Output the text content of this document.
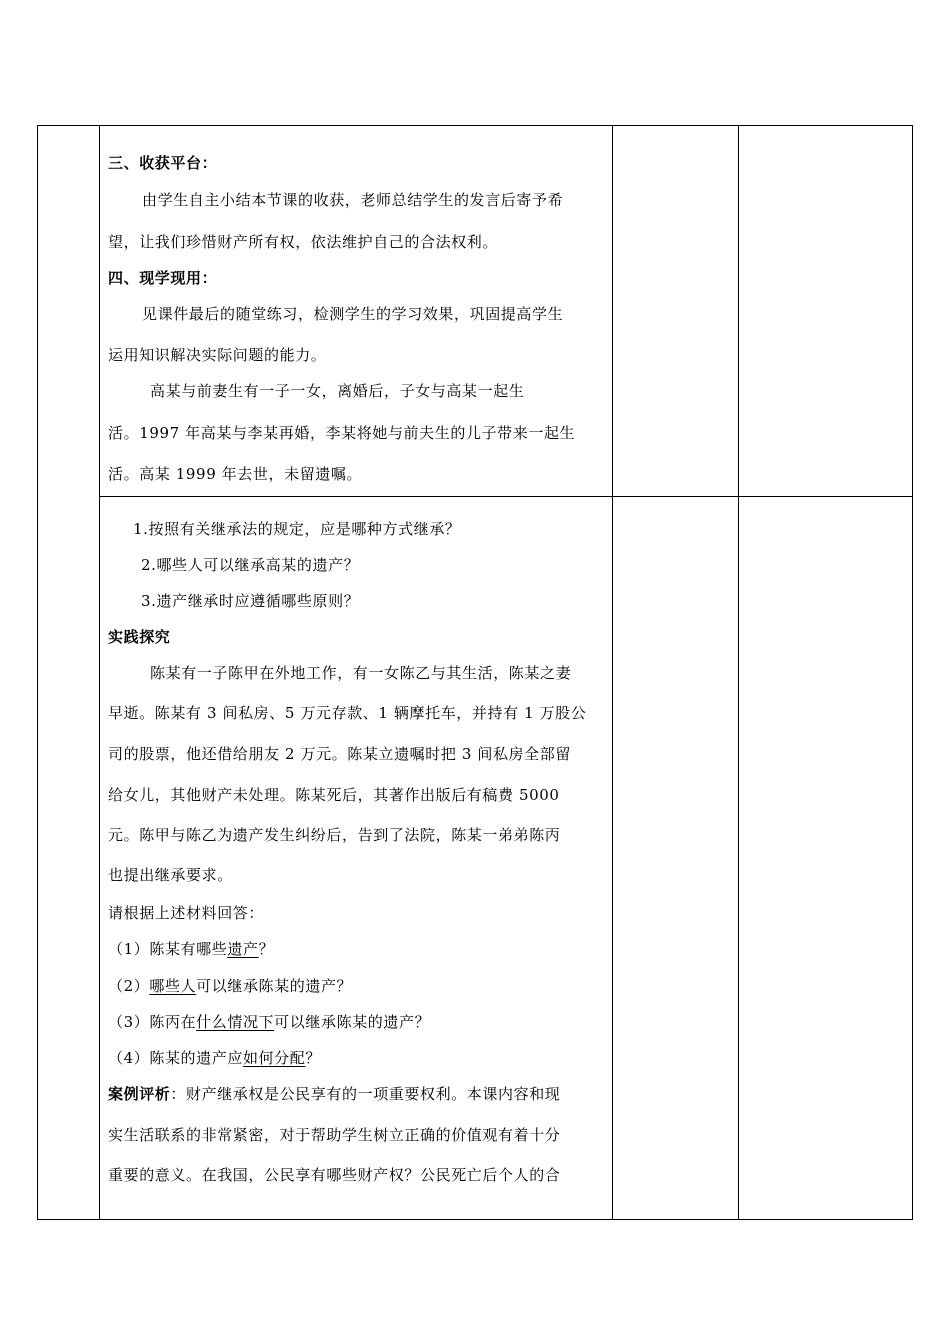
三、收获平台：
由学生自主小结本节课的收获，老师总结学生的发言后寄予希
望，让我们珍惜财产所有权，依法维护自己的合法权利。
四、现学现用：
见课件最后的随堂练习，检测学生的学习效果，巩固提高学生
运用知识解决实际问题的能力。
高某与前妻生有一子一女，离婚后，子女与高某一起生
活。1997 年高某与李某再婚，李某将她与前夫生的儿子带来一起生
活。高某 1999 年去世，未留遗嘱。
1.按照有关继承法的规定，应是哪种方式继承？
2.哪些人可以继承高某的遗产？
3.遗产继承时应遵循哪些原则？
实践探究
陈某有一子陈甲在外地工作，有一女陈乙与其生活，陈某之妻
早逝。陈某有 3 间私房、5 万元存款、1 辆摩托车，并持有 1 万股公
司的股票，他还借给朋友 2 万元。陈某立遗嘱时把 3 间私房全部留
给女儿，其他财产未处理。陈某死后，其著作出版后有稿费 5000
元。陈甲与陈乙为遗产发生纠纷后，告到了法院，陈某一弟弟陈丙
也提出继承要求。
请根据上述材料回答：
（1）陈某有哪些遗产？
（2）哪些人可以继承陈某的遗产？
（3）陈丙在什么情况下可以继承陈某的遗产？
（4）陈某的遗产应如何分配？
案例评析：财产继承权是公民享有的一项重要权利。本课内容和现
实生活联系的非常紧密，对于帮助学生树立正确的价值观有着十分
重要的意义。在我国，公民享有哪些财产权？公民死亡后个人的合
